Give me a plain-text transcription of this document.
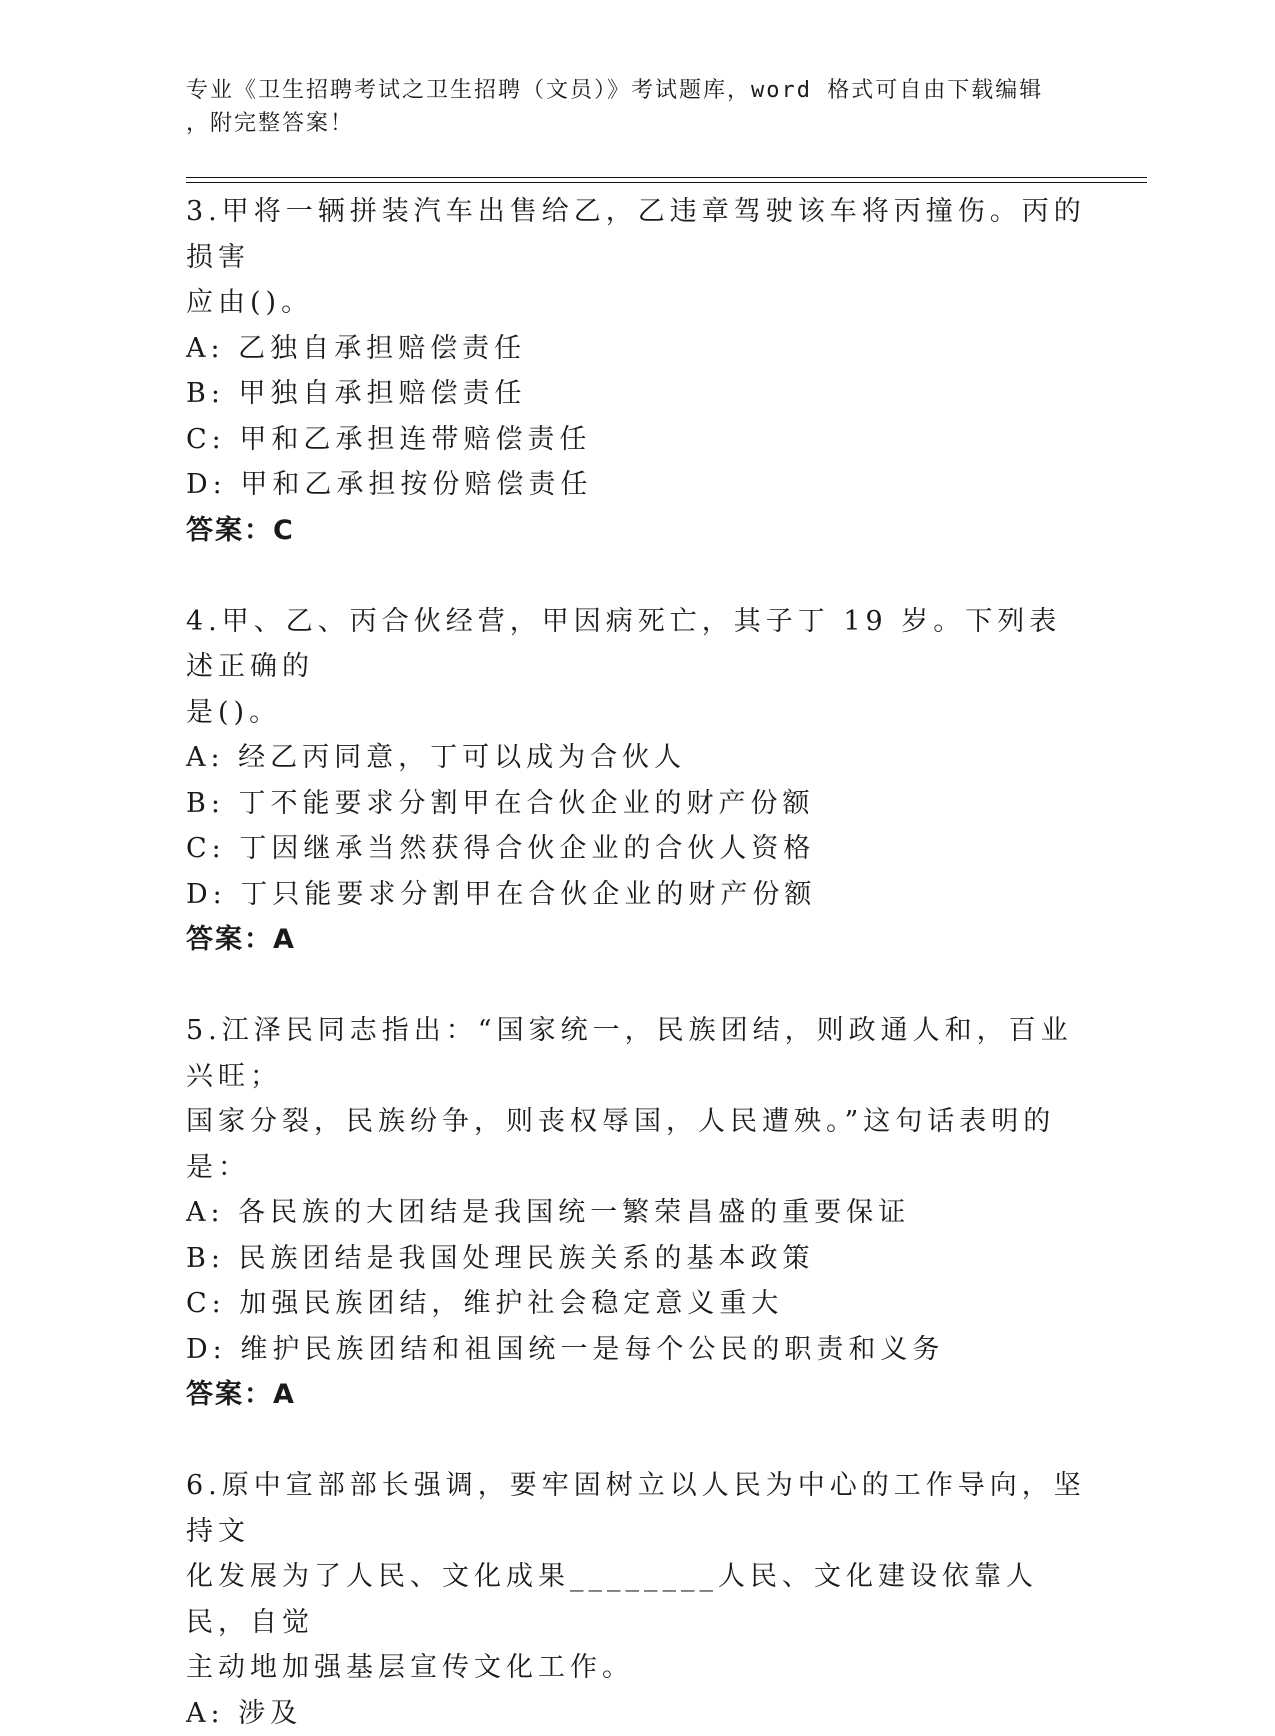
专业《卫生招聘考试之卫生招聘（文员）》考试题库，word 格式可自由下载编辑
，附完整答案！

3.甲将一辆拼装汽车出售给乙，乙违章驾驶该车将丙撞伤。丙的损害

应由()。

A: 乙独自承担赔偿责任

B: 甲独自承担赔偿责任

C: 甲和乙承担连带赔偿责任

D: 甲和乙承担按份赔偿责任

答案：C

4.甲、乙、丙合伙经营，甲因病死亡，其子丁 19 岁。下列表述正确的

是()。

A: 经乙丙同意，丁可以成为合伙人

B: 丁不能要求分割甲在合伙企业的财产份额

C: 丁因继承当然获得合伙企业的合伙人资格

D: 丁只能要求分割甲在合伙企业的财产份额

答案：A

5.江泽民同志指出：“国家统一，民族团结，则政通人和，百业兴旺；

国家分裂，民族纷争，则丧权辱国，人民遭殃。”这句话表明的是：

A: 各民族的大团结是我国统一繁荣昌盛的重要保证

B: 民族团结是我国处理民族关系的基本政策

C: 加强民族团结，维护社会稳定意义重大

D: 维护民族团结和祖国统一是每个公民的职责和义务

答案：A

6.原中宣部部长强调，要牢固树立以人民为中心的工作导向，坚持文

化发展为了人民、文化成果________人民、文化建设依靠人民，自觉

主动地加强基层宣传文化工作。

A: 涉及
